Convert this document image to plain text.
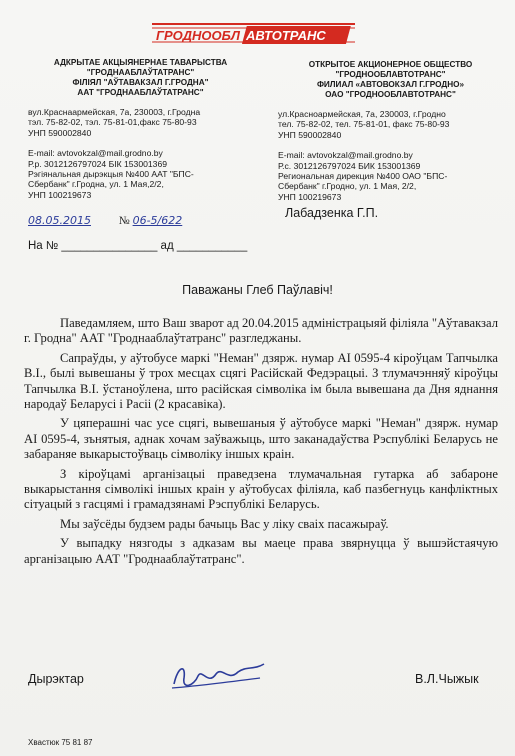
ГРОДНООБЛ АВТОТРАНС
АДКРЫТАЕ АКЦЫЯНЕРНАЕ ТАВАРЫСТВА
"ГРОДНААБЛАЎТАТРАНС"
ФІЛІЯЛ "АЎТАВАКЗАЛ Г.ГРОДНА"
ААТ "ГРОДНААБЛАЎТАТРАНС"
вул.Краснаармейская, 7а, 230003, г.Гродна
тэл. 75-82-02, тэл. 75-81-01,факс 75-80-93
УНП 590002840
E-mail: avtovokzal@mail.grodno.by
Р.р. 3012126797024 БІК 153001369
Рэгіянальная дырэкцыя №400 ААТ "БПС-
Сбербанк" г.Гродна, ул. 1 Мая,2/2,
УНП 100219673
ОТКРЫТОЕ АКЦИОНЕРНОЕ ОБЩЕСТВО
"ГРОДНООБЛАВТОТРАНС"
ФИЛИАЛ «АВТОВОКЗАЛ Г.ГРОДНО»
ОАО "ГРОДНООБЛАВТОТРАНС"
ул.Красноармейская, 7а, 230003, г.Гродно
тел. 75-82-02, тел. 75-81-01, факс 75-80-93
УНП 590002840
E-mail: avtovokzal@mail.grodno.by
Р.с. 3012126797024 БИК 153001369
Региональная дирекция №400 ОАО "БПС-
Сбербанк" г.Гродно, ул. 1 Мая, 2/2,
УНП 100219673
08.05.2015 № 06-5/622
Лабадзенка Г.П.
На № _______________ ад ___________
Паважаны Глеб Паўлавіч!

Паведамляем, што Ваш зварот ад 20.04.2015 адміністрацыяй філіяла "Аўтавакзал г. Гродна" ААТ "Гроднааблаўтатранс" разгледжаны.

Сапраўды, у аўтобусе маркі "Неман" дзярж. нумар АІ 0595-4 кіроўцам Тапчылка В.І., былі вывешаны ў трох месцах сцягі Расійскай Федэрацыі. З тлумачэнняў кіроўцы Тапчылка В.І. ўстаноўлена, што расійская сімволіка ім была вывешана да Дня яднання народаў Беларусі і Расіі (2 красавіка).

У цяперашні час усе сцягі, вывешаныя ў аўтобусе маркі "Неман" дзярж. нумар АІ 0595-4, зънятыя, аднак хочам заўважыць, што заканадаўства Рэспублікі Беларусь не забараняе выкарыстоўваць сімволіку іншых краін.

З кіроўцамі арганізацыі праведзена тлумачальная гутарка аб забароне выкарыстання сімволікі іншых краін у аўтобусах філіяла, каб пазбегнуць канфліктных сітуацый з гасцямі і грамадзянамі Рэспублікі Беларусь.

Мы заўсёды будзем рады бачыць Вас у ліку сваіх пасажыраў.

У выпадку нязгоды з адказам вы маеце права звярнуцца ў вышэйстаячую арганізацыю ААТ "Гроднааблаўтатранс".

Дырэктар	В.Л.Чыжык
Хвастюк 75 81 87
